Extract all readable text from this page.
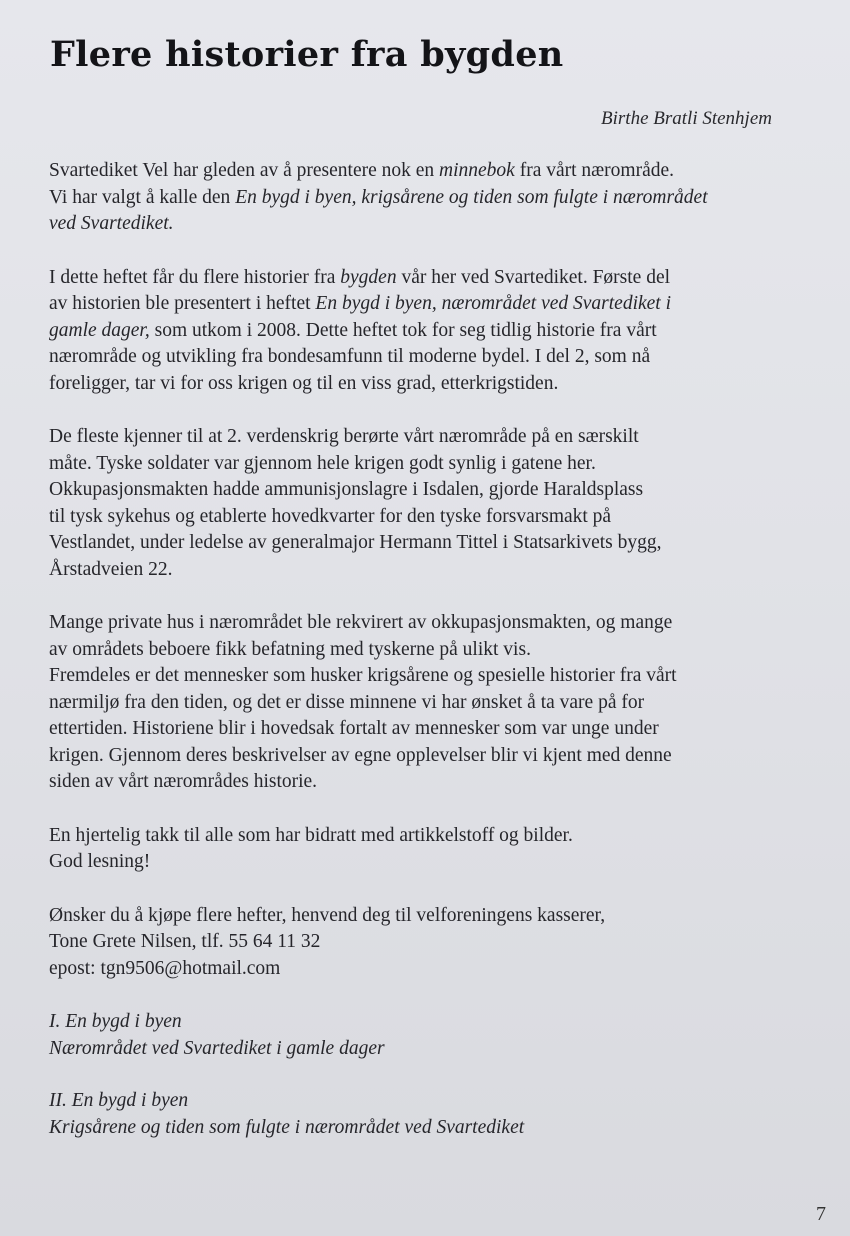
Flere historier fra bygden
Birthe Bratli Stenhjem

Svartediket Vel har gleden av å presentere nok en minnebok fra vårt nærområde.
Vi har valgt å kalle den En bygd i byen, krigsårene og tiden som fulgte i nærområdet
ved Svartediket.

I dette heftet får du flere historier fra bygden vår her ved Svartediket. Første del
av historien ble presentert i heftet En bygd i byen, nærområdet ved Svartediket i
gamle dager, som utkom i 2008. Dette heftet tok for seg tidlig historie fra vårt
nærområde og utvikling fra bondesamfunn til moderne bydel. I del 2, som nå
foreligger, tar vi for oss krigen og til en viss grad, etterkrigstiden.

De fleste kjenner til at 2. verdenskrig berørte vårt nærområde på en særskilt
måte. Tyske soldater var gjennom hele krigen godt synlig i gatene her.
Okkupasjonsmakten hadde ammunisjonslagre i Isdalen, gjorde Haraldsplass
til tysk sykehus og etablerte hovedkvarter for den tyske forsvarsmakt på
Vestlandet, under ledelse av generalmajor Hermann Tittel i Statsarkivets bygg,
Årstadveien 22.

Mange private hus i nærområdet ble rekvirert av okkupasjonsmakten, og mange
av områdets beboere fikk befatning med tyskerne på ulikt vis.
Fremdeles er det mennesker som husker krigsårene og spesielle historier fra vårt
nærmiljø fra den tiden, og det er disse minnene vi har ønsket å ta vare på for
ettertiden. Historiene blir i hovedsak fortalt av mennesker som var unge under
krigen. Gjennom deres beskrivelser av egne opplevelser blir vi kjent med denne
siden av vårt nærområdes historie.

En hjertelig takk til alle som har bidratt med artikkelstoff og bilder.
God lesning!

Ønsker du å kjøpe flere hefter, henvend deg til velforeningens kasserer,
Tone Grete Nilsen, tlf. 55 64 11 32
epost: tgn9506@hotmail.com

I. En bygd i byen
Nærområdet ved Svartediket i gamle dager

II. En bygd i byen
Krigsårene og tiden som fulgte i nærområdet ved Svartediket

7
